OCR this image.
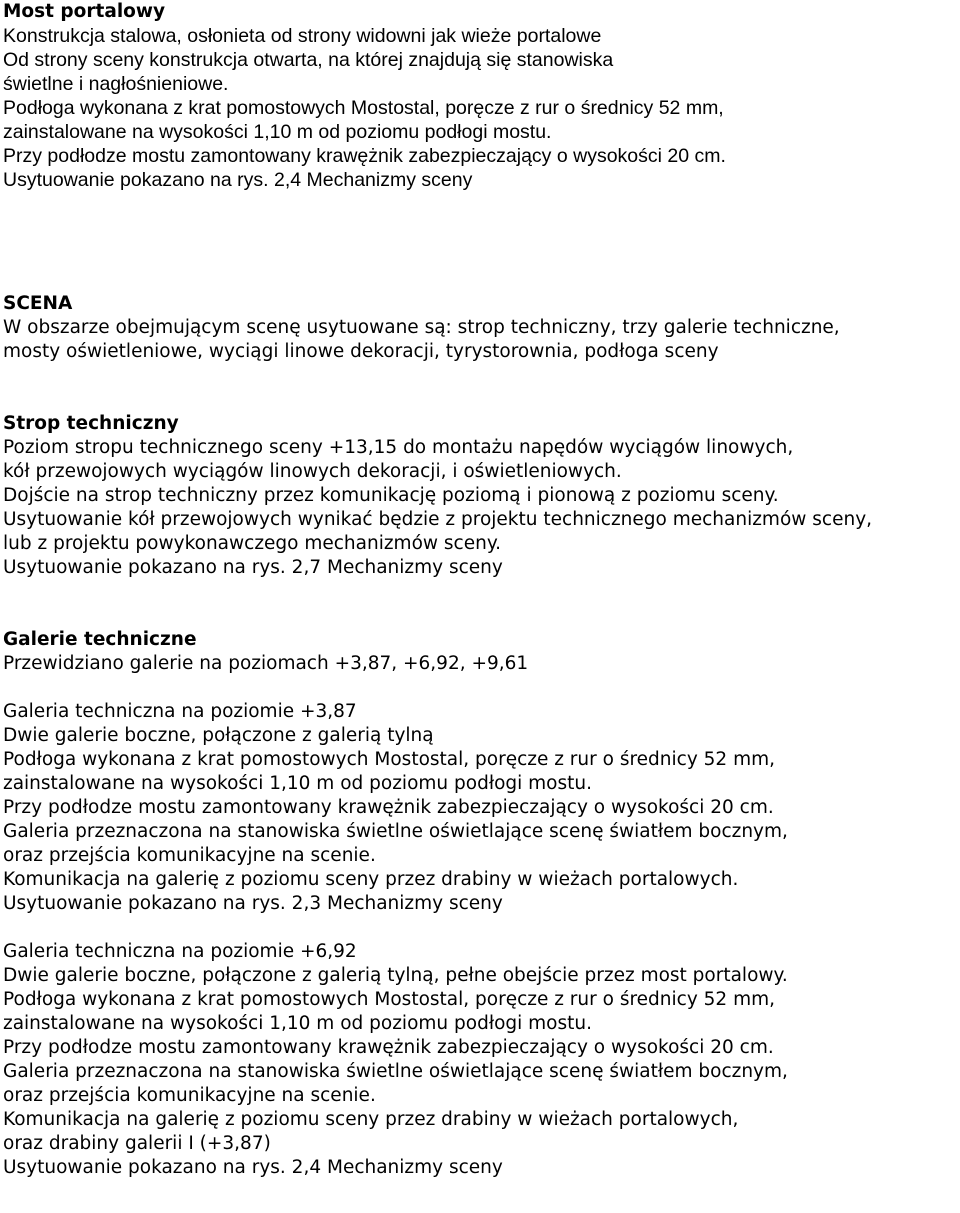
Most portalowy
Konstrukcja stalowa, osłonieta od strony widowni jak wieże portalowe
Od strony sceny konstrukcja otwarta, na której znajdują się stanowiska
świetlne i nagłośnieniowe.
Podłoga wykonana z krat pomostowych Mostostal, poręcze z rur o średnicy 52 mm,
zainstalowane na wysokości 1,10 m od poziomu podłogi mostu.
Przy podłodze mostu zamontowany krawężnik zabezpieczający o wysokości 20 cm.
Usytuowanie pokazano na rys. 2,4 Mechanizmy sceny
SCENA
W obszarze obejmującym scenę usytuowane są: strop techniczny, trzy galerie techniczne,
mosty oświetleniowe, wyciągi linowe dekoracji, tyrystorownia, podłoga sceny
Strop techniczny
Poziom stropu technicznego sceny +13,15 do montażu napędów wyciągów linowych,
kół przewojowych wyciągów linowych dekoracji, i oświetleniowych.
Dojście na strop techniczny przez komunikację poziomą i pionową z poziomu sceny.
Usytuowanie kół przewojowych wynikać będzie z projektu technicznego mechanizmów sceny,
lub z projektu powykonawczego mechanizmów sceny.
Usytuowanie pokazano na rys. 2,7 Mechanizmy sceny
Galerie techniczne
Przewidziano galerie na poziomach +3,87, +6,92, +9,61
Galeria techniczna na poziomie +3,87
Dwie galerie boczne, połączone z galerią tylną
Podłoga wykonana z krat pomostowych Mostostal, poręcze z rur o średnicy 52 mm,
zainstalowane na wysokości 1,10 m od poziomu podłogi mostu.
Przy podłodze mostu zamontowany krawężnik zabezpieczający o wysokości 20 cm.
Galeria przeznaczona na stanowiska świetlne oświetlające scenę światłem bocznym,
oraz przejścia komunikacyjne na scenie.
Komunikacja na galerię z poziomu sceny przez drabiny w wieżach portalowych.
Usytuowanie pokazano na rys. 2,3 Mechanizmy sceny
Galeria techniczna na poziomie +6,92
Dwie galerie boczne, połączone z galerią tylną, pełne obejście przez most portalowy.
Podłoga wykonana z krat pomostowych Mostostal, poręcze z rur o średnicy 52 mm,
zainstalowane na wysokości 1,10 m od poziomu podłogi mostu.
Przy podłodze mostu zamontowany krawężnik zabezpieczający o wysokości 20 cm.
Galeria przeznaczona na stanowiska świetlne oświetlające scenę światłem bocznym,
oraz przejścia komunikacyjne na scenie.
Komunikacja na galerię z poziomu sceny przez drabiny w wieżach portalowych,
oraz drabiny galerii I (+3,87)
Usytuowanie pokazano na rys. 2,4 Mechanizmy sceny
